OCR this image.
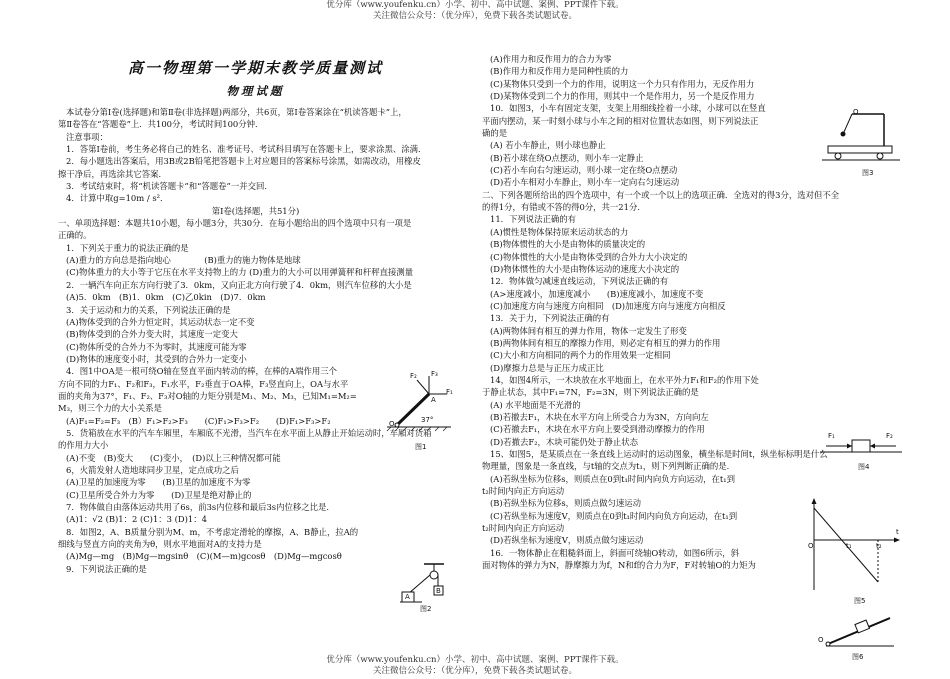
优分库（www.youfenku.cn）小学、初中、高中试题、案例、PPT课件下载。
关注微信公众号：（优分库），免费下载各类试题试卷。

高一物理第一学期末教学质量测试

物理试题

本试卷分第Ⅰ卷(选择题)和第Ⅱ卷(非选择题)两部分，共6页，第Ⅰ卷答案涂在“机读答题卡”上，

第Ⅱ卷答在“答题卷”上．共100分，考试时间100分钟．

注意事项：

1．答第Ⅰ卷前，考生务必将自己的姓名、准考证号、考试科目填写在答题卡上，要求涂黑、涂满．

2．每小题选出答案后，用3B或2B铅笔把答题卡上对应题目的答案标号涂黑，如需改动，用橡皮

擦干净后，再选涂其它答案．

3．考试结束时，将“机读答题卡”和“答题卷”一并交回．

4．计算中取g=10m / s²．

第Ⅰ卷(选择题，共51分)

一、单项选择题：本题共10小题，每小题3分，共30分．在每小题给出的四个选项中只有一项是

正确的。

1．下列关于重力的说法正确的是

(A)重力的方向总是指向地心　　　　(B)重力的施力物体是地球

(C)物体重力的大小等于它压在水平支持物上的力 (D)重力的大小可以用弹簧秤和杆秤直接测量

2．一辆汽车向正东方向行驶了3．0km，又向正北方向行驶了4．0km，则汽车位移的大小是

(A)5．0km　(B)1．0km　(C)乙0kin　(D)7．0km

3．关于运动和力的关系，下列说法正确的是

(A)物体受到的合外力恒定时，其运动状态一定不变

(B)物体受到的合外力变大时，其速度一定变大

(C)物体所受的合外力不为零时，其速度可能为零

(D)物体的速度变小时，其受到的合外力一定变小

4．图1中OA是一根可绕O轴在竖直平面内转动的棒，在棒的A端作用三个

方向不同的力F₁、F₂和F₃，F₁水平，F₂垂直于OA棒，F₃竖直向上，OA与水平

面的夹角为37°，F₁、F₂、F₃对O轴的力矩分别是M₁、M₂、M₃，已知M₁=M₂=

M₃，则三个力的大小关系是

(A)F₁=F₂=F₃　(B）F₁>F₂>F₃　　(C)F₁>F₃>F₂　　(D)F₁>F₃>F₂

5．货箱放在水平的汽车车厢里，车厢底不光滑，当汽车在水平面上从静止开始运动时，车厢对货箱

的作用力大小

(A)不变　(B)变大　　(C)变小，　(D)以上三种情况都可能

6，火箭发射人造地球同步卫星，定点成功之后

(A)卫星的加速度为零　　(B)卫星的加速度不为零

(C)卫星所受合外力为零　　(D)卫星是绝对静止的

7．物体做自由落体运动共用了6s，前3s内位移和最后3s内位移之比是．

(A)1：√2 (B)1：2 (C)1：3 (D)1：4

8．如图2，A、B质量分别为M、m，不考虑定滑轮的摩擦，A、B静止，拉A的

细线与竖直方向的夹角为θ，则水平地面对A的支持力是

(A)Mg—mg　(B)Mg—mgsinθ　(C)(M—m)gcosθ　(D)Mg—mgcosθ

9．下列说法正确的是

(A)作用力和反作用力的合力为零

(B)作用力和反作用力是同种性质的力

(C)某物体只受到一个力的作用，说明这一个力只有作用力，无反作用力

(D)某物体受到二个力的作用，则其中一个是作用力，另一个是反作用力

10．如图3，小车有固定支架，支架上用细线拴着一小球，小球可以在竖直

平面内摆动，某一时刻小球与小车之间的相对位置状态如图，则下列说法正

确的是

(A) 若小车静止，则小球也静止

(B)若小球在绕O点摆动，则小车一定静止

(C)若小车向右匀速运动，则小球一定在绕O点摆动

(D)若小车相对小车静止，则小车一定向右匀速运动

二、下列各题所给出的四个选项中，有一个或一个以上的选项正确．全选对的得3分，选对但不全

的得1分，有错或不答的得0分，共一21分．

11．下列说法正确的有

(A)惯性是物体保持原来运动状态的力

(B)物体惯性的大小是由物体的质量决定的

(C)物体惯性的大小是由物体受到的合外力大小决定的

(D)物体惯性的大小是由物体运动的速度大小决定的

12．物体做匀减速直线运动，下列说法正确的有

(A>速度减小，加速度减小　　(B)速度减小，加速度不变

(C)加速度方向与速度方向相同　(D)加速度方向与速度方向相反

13．关于力，下列说法正确的有

(A)两物体间有相互的弹力作用，物体一定发生了形变

(B)两物体间有相互的摩擦力作用，则必定有相互的弹力的作用

(C)大小和方向相同的两个力的作用效果一定相同

(D)摩擦力总是与正压力成正比

14，如图4所示，一木块放在水平地面上，在水平外力F₁和F₂的作用下处

于静止状态，其中F₁=7N，F₂=3N，则下列说法正确的是

(A) 水平地面是不光滑的

(B)若撤去F₁，木块在水平方向上所受合力为3N，方向向左

(C)若撤去F₁，木块在水平方向上要受到滑动摩擦力的作用

(D)若撤去F₂，木块可能仍处于静止状态

15、如图5，是某质点在一条直线上运动时的运动图象，横坐标是时间t，纵坐标标明是什么

物理量，图象是一条直线，与t轴的交点为t₁，则下列判断正确的是．

(A)若纵坐标为位移s，则质点在0到t₁时间内向负方向运动，在t₁到

t₂时间内向正方向运动

(B)若纵坐标为位移s，则质点做匀速运动

(C)若纵坐标为速度V，则质点在0到t₁时间内向负方向运动，在t₁到

t₂时间内向正方向运动

(D)若纵坐标为速度V，则质点做匀速运动

16．一物体静止在粗糙斜面上，斜面可绕轴O转动，如图6所示，斜

面对物体的弹力为N，静摩擦力为f，N和f的合力为F，F对转轴O的力矩为

37°
F₁
F₂ F₃
A
O
图1
A
B
图2
O
图3
F₁	F₂
图4
t
t₁	t₂
O
图5
O
图6
优分库（www.youfenku.cn）小学、初中、高中试题、案例、PPT课件下载。
关注微信公众号：（优分库），免费下载各类试题试卷。
